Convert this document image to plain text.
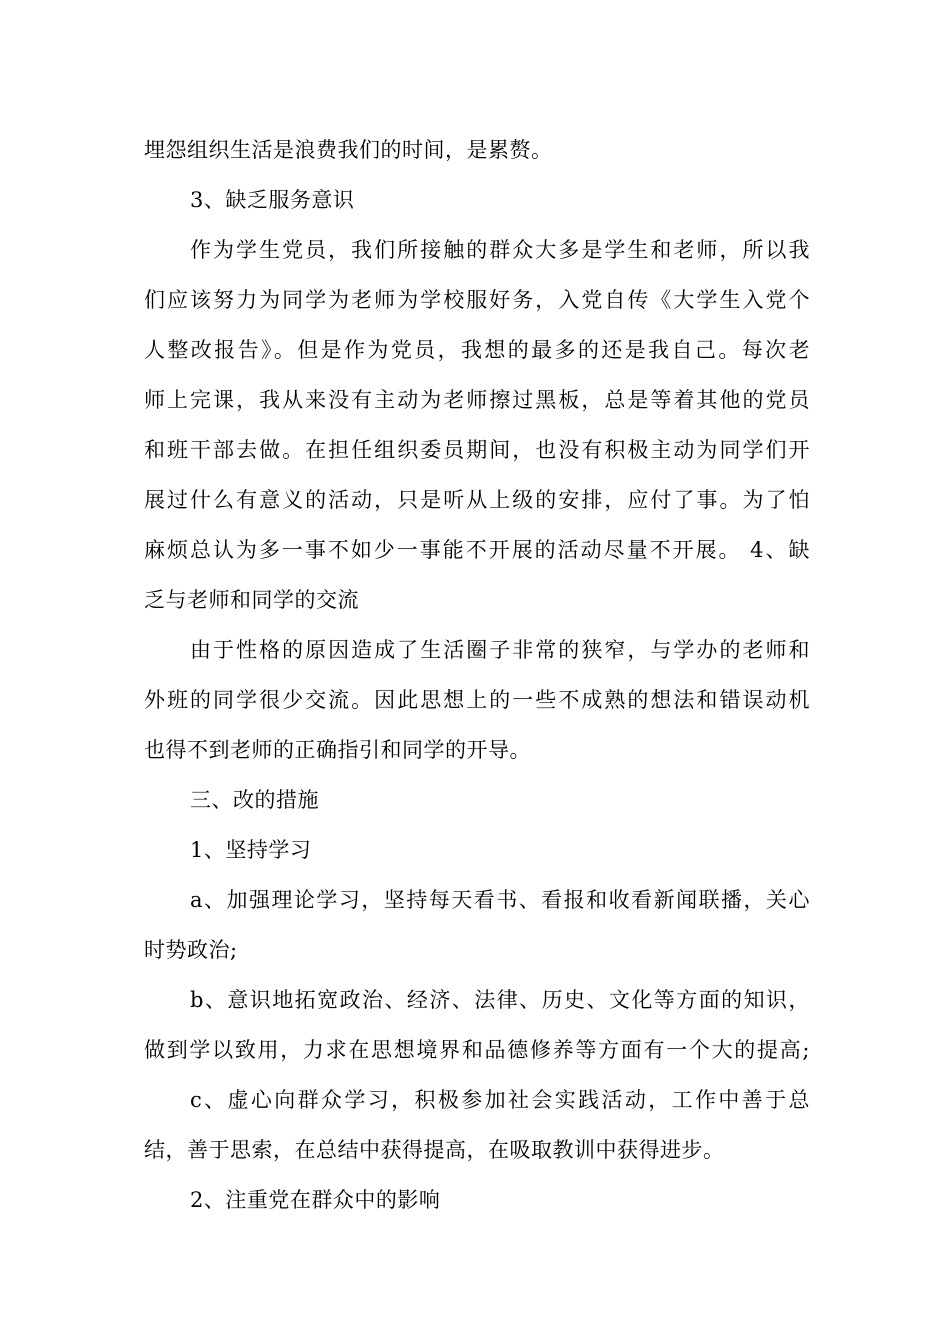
埋怨组织生活是浪费我们的时间，是累赘。

3、缺乏服务意识

作为学生党员，我们所接触的群众大多是学生和老师，所以我

们应该努力为同学为老师为学校服好务，入党自传《大学生入党个

人整改报告》。但是作为党员，我想的最多的还是我自己。每次老

师上完课，我从来没有主动为老师擦过黑板，总是等着其他的党员

和班干部去做。在担任组织委员期间，也没有积极主动为同学们开

展过什么有意义的活动，只是听从上级的安排，应付了事。为了怕

麻烦总认为多一事不如少一事能不开展的活动尽量不开展。 4、缺

乏与老师和同学的交流

由于性格的原因造成了生活圈子非常的狭窄，与学办的老师和

外班的同学很少交流。因此思想上的一些不成熟的想法和错误动机

也得不到老师的正确指引和同学的开导。

三、改的措施

1、坚持学习

a、加强理论学习，坚持每天看书、看报和收看新闻联播，关心

时势政治;

b、意识地拓宽政治、经济、法律、历史、文化等方面的知识，

做到学以致用，力求在思想境界和品德修养等方面有一个大的提高;

c、虚心向群众学习，积极参加社会实践活动，工作中善于总

结，善于思索，在总结中获得提高，在吸取教训中获得进步。

2、注重党在群众中的影响
